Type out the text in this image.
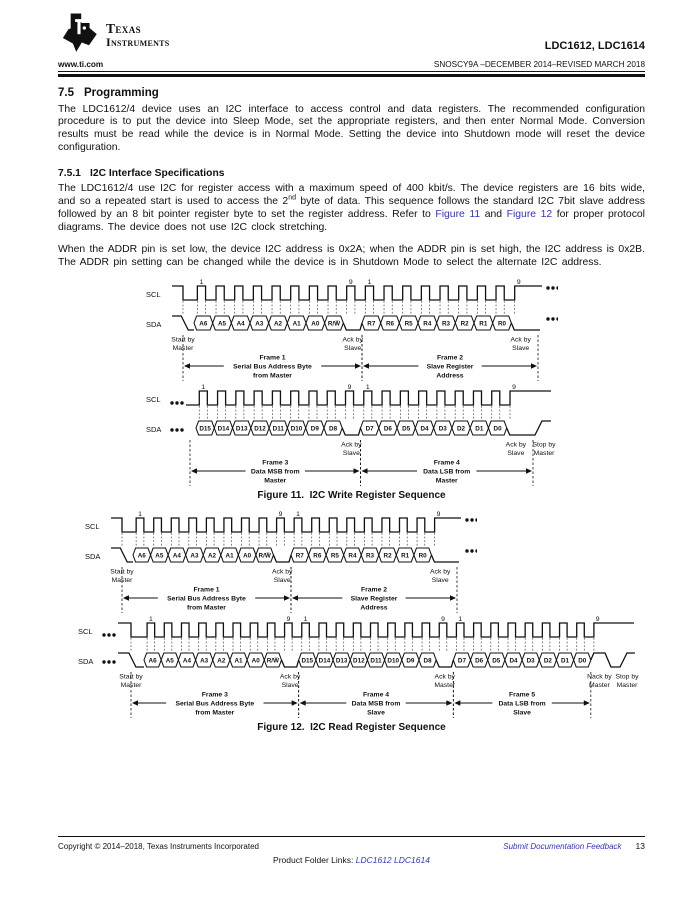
Texas
Instruments	LDC1612, LDC1614
www.ti.com	SNOSCY9A –DECEMBER 2014–REVISED MARCH 2018
7.5 Programming

The LDC1612/4 device uses an I2C interface to access control and data registers. The recommended configuration procedure is to put the device into Sleep Mode, set the appropriate registers, and then enter Normal Mode. Conversion results must be read while the device is in Normal Mode. Setting the device into Shutdown mode will reset the device configuration.

7.5.1 I2C Interface Specifications

The LDC1612/4 use I2C for register access with a maximum speed of 400 kbit/s. The device registers are 16 bits wide, and so a repeated start is used to access the 2nd byte of data. This sequence follows the standard I2C 7bit slave address followed by an 8 bit pointer register byte to set the register address. Refer to Figure 11 and Figure 12 for proper protocol diagrams. The device does not use I2C clock stretching.

When the ADDR pin is set low, the device I2C address is 0x2A; when the ADDR pin is set high, the I2C address is 0x2B. The ADDR pin setting can be changed while the device is in Shutdown Mode to select the alternate I2C address.

SCL
SDA
1	9 1	9
A6 A5 A4 A3 A2 A1 A0 R/W̅	R7 R6 R5 R4 R3 R2 R1 R0
Start by
Master
Ack by
Slave
Ack by
Slave
Frame 1
Serial Bus Address Byte
from Master
Frame 2
Slave Register
Address
SCL
SDA
1	9 1	9
D15 D14 D13 D12 D11 D10 D9 D8	D7 D6 D5 D4 D3 D2 D1 D0
Ack by
Slave
Ack by
Slave
Stop by
Master
Frame 3
Data MSB from
Master
Frame 4
Data LSB from
Master
Figure 11.  I2C Write Register Sequence
SCL
SDA
1	9 1	9
A6 A5 A4 A3 A2 A1 A0 R/W̅	R7 R6 R5 R4 R3 R2 R1 R0
Start by
Master
Ack by
Slave
Ack by
Slave
Frame 1
Serial Bus Address Byte
from Master
Frame 2
Slave Register
Address
SCL
SDA
1	9 1	9 1	9
A6 A5 A4 A3 A2 A1 A0 R/W̅	D15 D14 D13 D12 D11 D10 D9 D8	D7 D6 D5 D4 D3 D2 D1 D0
Start by
Master
Ack by
Slave
Ack by
Master
Nack by
Master
Stop by
Master
Frame 3
Serial Bus Address Byte
from Master
Frame 4
Data MSB from
Slave
Frame 5
Data LSB from
Slave
Figure 12.  I2C Read Register Sequence
Copyright © 2014–2018, Texas Instruments Incorporated	Submit Documentation Feedback 13
Product Folder Links: LDC1612 LDC1614
